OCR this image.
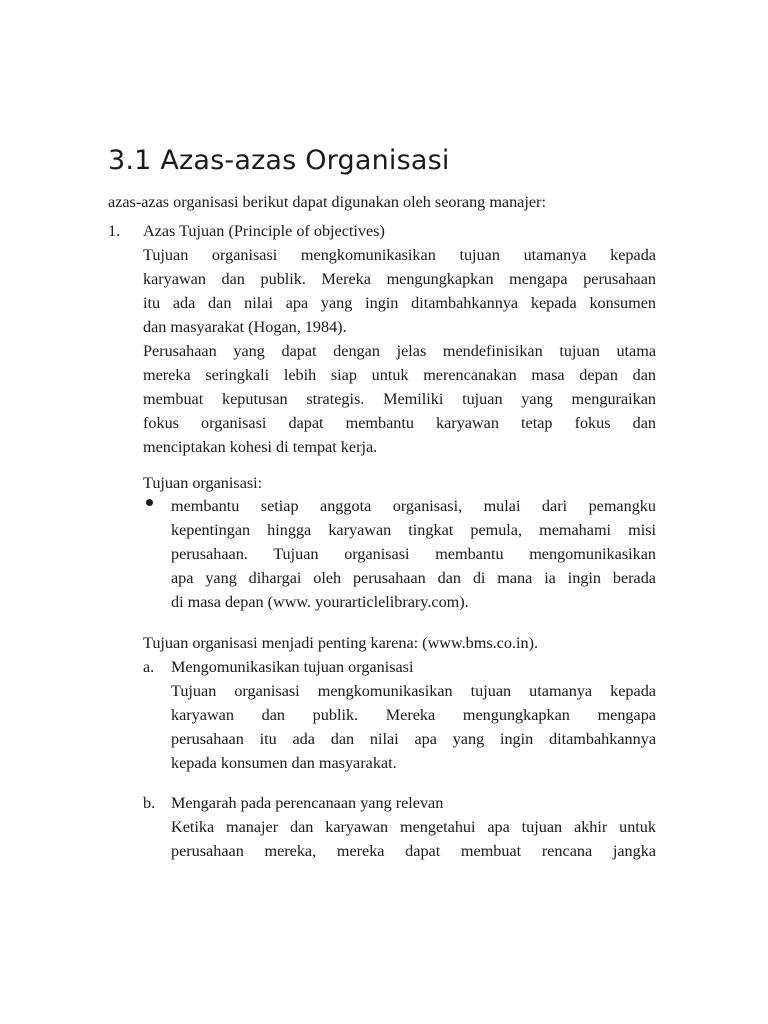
3.1 Azas-azas Organisasi
azas-azas organisasi berikut dapat digunakan oleh seorang manajer:
1. Azas Tujuan (Principle of objectives)
Tujuan organisasi mengkomunikasikan tujuan utamanya kepada
karyawan dan publik. Mereka mengungkapkan mengapa perusahaan
itu ada dan nilai apa yang ingin ditambahkannya kepada konsumen
dan masyarakat (Hogan, 1984).
Perusahaan yang dapat dengan jelas mendefinisikan tujuan utama
mereka seringkali lebih siap untuk merencanakan masa depan dan
membuat keputusan strategis. Memiliki tujuan yang menguraikan
fokus organisasi dapat membantu karyawan tetap fokus dan
menciptakan kohesi di tempat kerja.
Tujuan organisasi:
membantu setiap anggota organisasi, mulai dari pemangku
kepentingan hingga karyawan tingkat pemula, memahami misi
perusahaan. Tujuan organisasi membantu mengomunikasikan
apa yang dihargai oleh perusahaan dan di mana ia ingin berada
di masa depan (www. yourarticlelibrary.com).
Tujuan organisasi menjadi penting karena: (www.bms.co.in).
a. Mengomunikasikan tujuan organisasi
Tujuan organisasi mengkomunikasikan tujuan utamanya kepada
karyawan dan publik. Mereka mengungkapkan mengapa
perusahaan itu ada dan nilai apa yang ingin ditambahkannya
kepada konsumen dan masyarakat.
b. Mengarah pada perencanaan yang relevan
Ketika manajer dan karyawan mengetahui apa tujuan akhir untuk
perusahaan mereka, mereka dapat membuat rencana jangka
